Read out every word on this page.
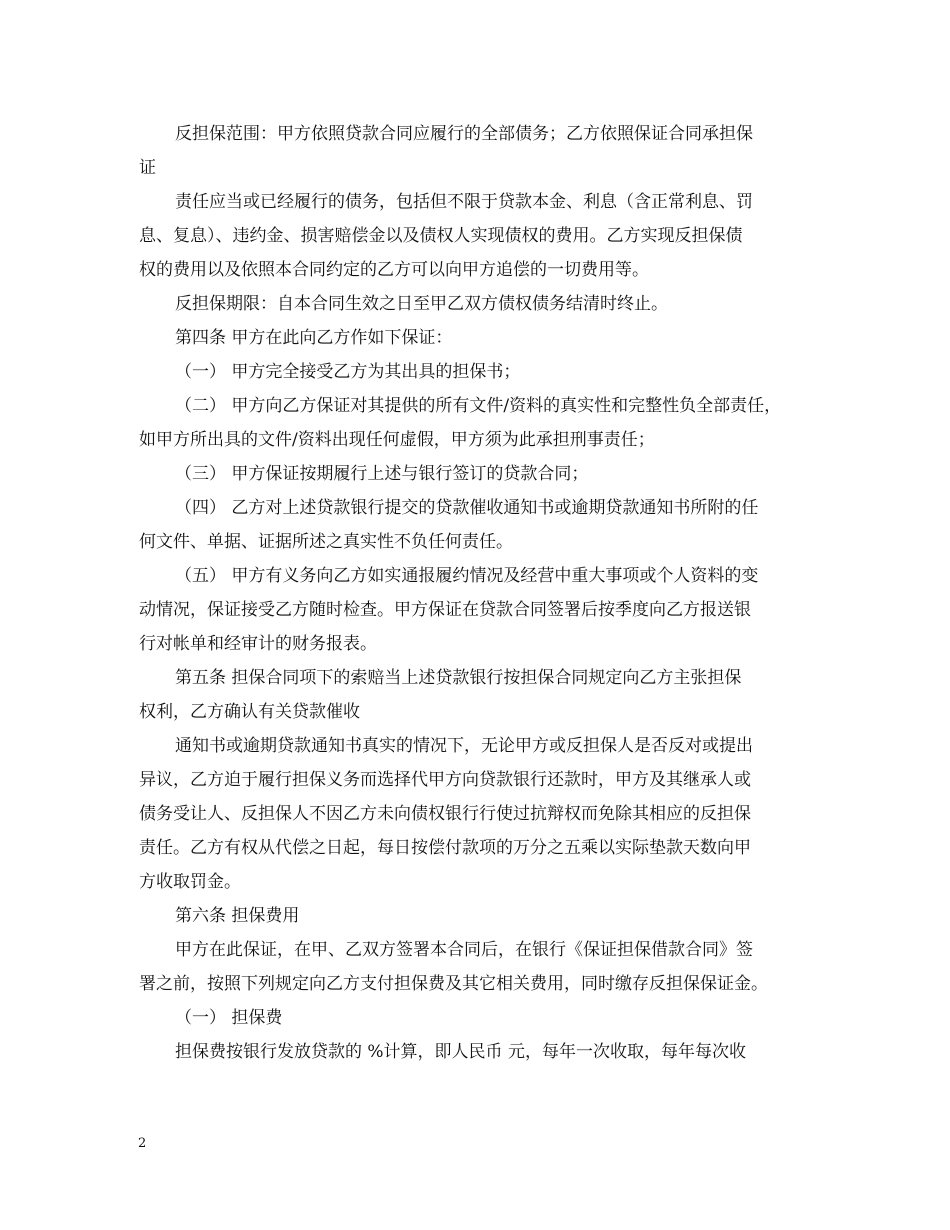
反担保范围：甲方依照贷款合同应履行的全部债务；乙方依照保证合同承担保
证
责任应当或已经履行的债务，包括但不限于贷款本金、利息（含正常利息、罚
息、复息）、违约金、损害赔偿金以及债权人实现债权的费用。乙方实现反担保债
权的费用以及依照本合同约定的乙方可以向甲方追偿的一切费用等。
反担保期限：自本合同生效之日至甲乙双方债权债务结清时终止。
第四条 甲方在此向乙方作如下保证：
（一） 甲方完全接受乙方为其出具的担保书；
（二） 甲方向乙方保证对其提供的所有文件/资料的真实性和完整性负全部责任，
如甲方所出具的文件/资料出现任何虚假，甲方须为此承担刑事责任；
（三） 甲方保证按期履行上述与银行签订的贷款合同；
（四） 乙方对上述贷款银行提交的贷款催收通知书或逾期贷款通知书所附的任
何文件、单据、证据所述之真实性不负任何责任。
（五） 甲方有义务向乙方如实通报履约情况及经营中重大事项或个人资料的变
动情况，保证接受乙方随时检查。甲方保证在贷款合同签署后按季度向乙方报送银
行对帐单和经审计的财务报表。
第五条 担保合同项下的索赔当上述贷款银行按担保合同规定向乙方主张担保
权利，乙方确认有关贷款催收
通知书或逾期贷款通知书真实的情况下，无论甲方或反担保人是否反对或提出
异议，乙方迫于履行担保义务而选择代甲方向贷款银行还款时，甲方及其继承人或
债务受让人、反担保人不因乙方未向债权银行行使过抗辩权而免除其相应的反担保
责任。乙方有权从代偿之日起，每日按偿付款项的万分之五乘以实际垫款天数向甲
方收取罚金。
第六条 担保费用
甲方在此保证，在甲、乙双方签署本合同后，在银行《保证担保借款合同》签
署之前，按照下列规定向乙方支付担保费及其它相关费用，同时缴存反担保保证金。
（一） 担保费
担保费按银行发放贷款的 %计算，即人民币 元，每年一次收取，每年每次收
2
